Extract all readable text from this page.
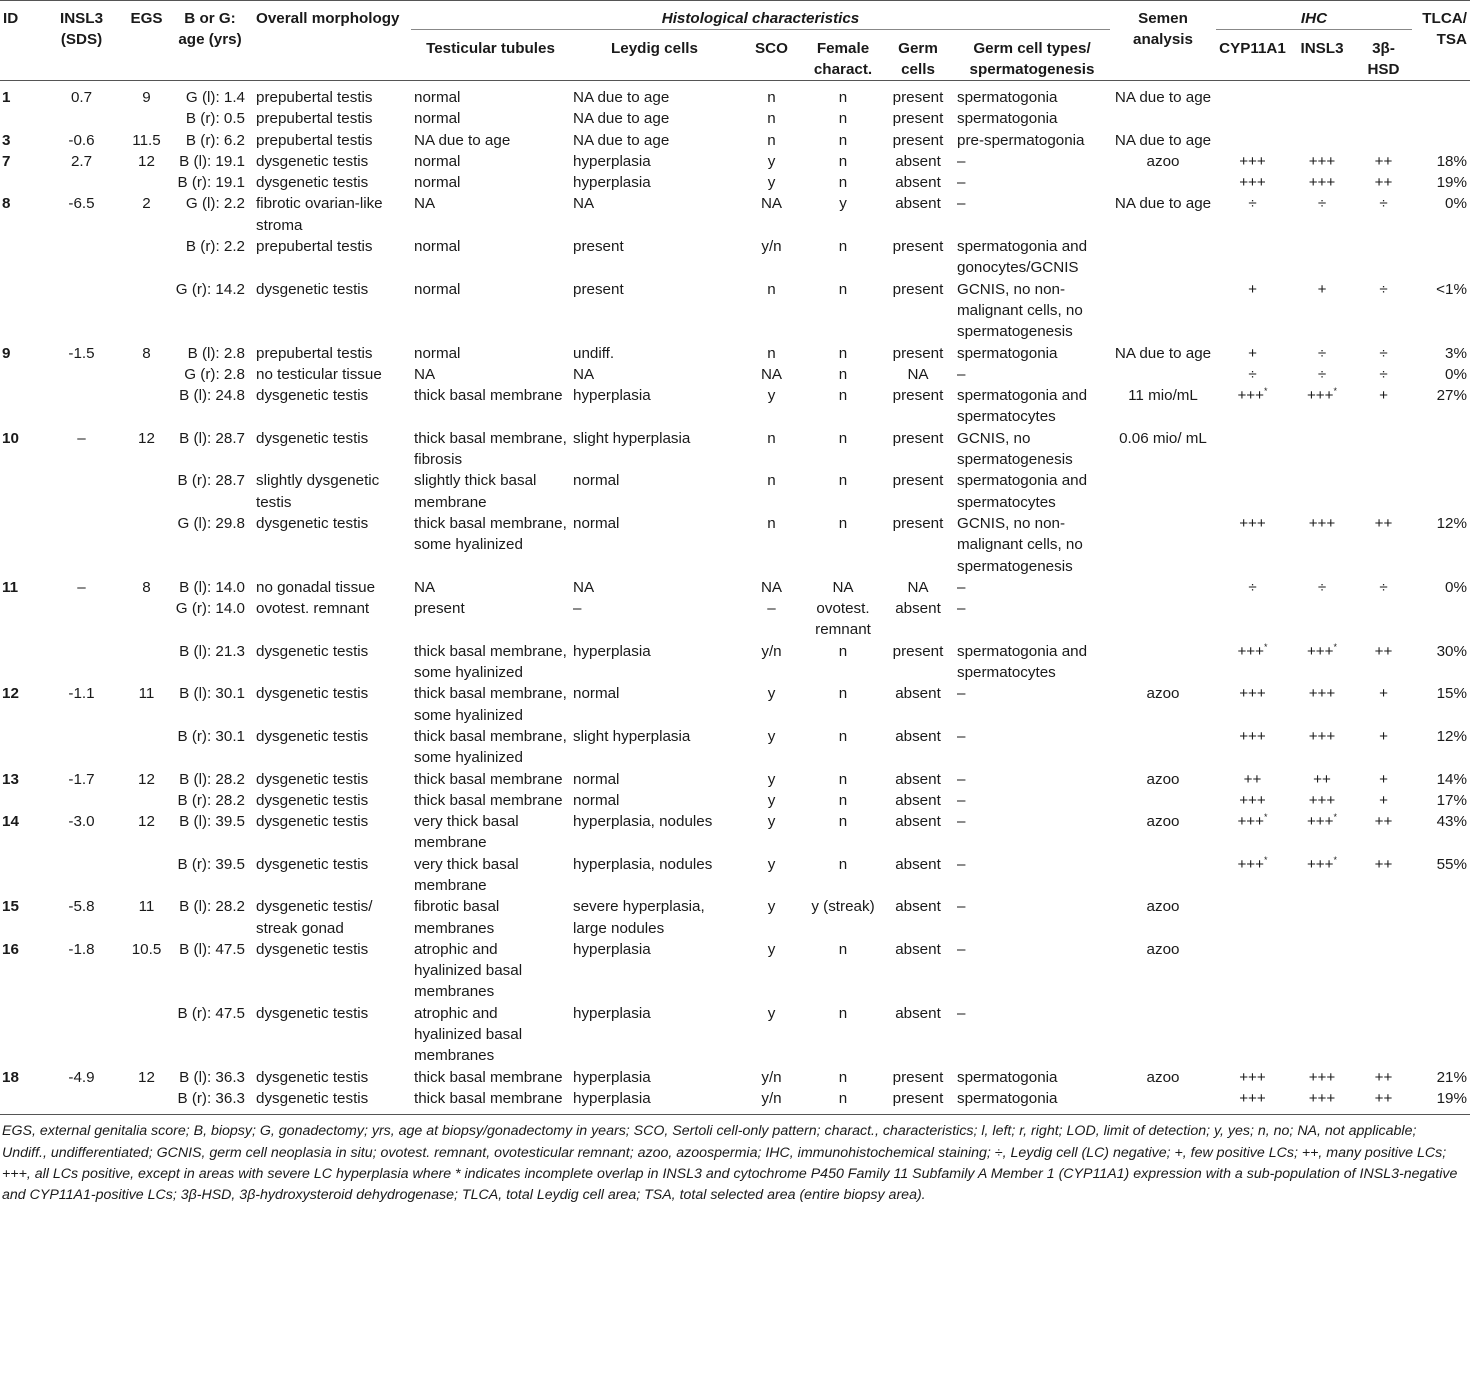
ID	INSL3 (SDS)	EGS	B or G: age (yrs)	Overall morphology	Histological characteristics						Semen analysis	IHC			TLCA/ TSA
					Testicular tubules	Leydig cells	SCO	Female charact.	Germ cells	Germ cell types/ spermatogenesis		CYP11A1	INSL3	3β-HSD	
1	0.7	9	G (l): 1.4	prepubertal testis	normal	NA due to age	n	n	present	spermatogonia	NA due to age				
			B (r): 0.5	prepubertal testis	normal	NA due to age	n	n	present	spermatogonia					
3	-0.6	11.5	B (r): 6.2	prepubertal testis	NA due to age	NA due to age	n	n	present	pre-spermatogonia	NA due to age				
7	2.7	12	B (l): 19.1	dysgenetic testis	normal	hyperplasia	y	n	absent	–	azoo	+++	+++	++	18%
			B (r): 19.1	dysgenetic testis	normal	hyperplasia	y	n	absent	–		+++	+++	++	19%
8	-6.5	2	G (l): 2.2	fibrotic ovarian-like stroma	NA	NA	NA	y	absent	–	NA due to age	÷	÷	÷	0%
			B (r): 2.2	prepubertal testis	normal	present	y/n	n	present	spermatogonia and gonocytes/GCNIS					
			G (r): 14.2	dysgenetic testis	normal	present	n	n	present	GCNIS, no non-malignant cells, no spermatogenesis		+	+	÷	<1%
9	-1.5	8	B (l): 2.8	prepubertal testis	normal	undiff.	n	n	present	spermatogonia	NA due to age	+	÷	÷	3%
			G (r): 2.8	no testicular tissue	NA	NA	NA	n	NA	–		÷	÷	÷	0%
			B (l): 24.8	dysgenetic testis	thick basal membrane	hyperplasia	y	n	present	spermatogonia and spermatocytes	11 mio/mL	+++*	+++*	+	27%
10	–	12	B (l): 28.7	dysgenetic testis	thick basal membrane, fibrosis	slight hyperplasia	n	n	present	GCNIS, no spermatogenesis	0.06 mio/ mL				
			B (r): 28.7	slightly dysgenetic testis	slightly thick basal membrane	normal	n	n	present	spermatogonia and spermatocytes					
			G (l): 29.8	dysgenetic testis	thick basal membrane, some hyalinized	normal	n	n	present	GCNIS, no non-malignant cells, no spermatogenesis		+++	+++	++	12%
11	–	8	B (l): 14.0	no gonadal tissue	NA	NA	NA	NA	NA	–		÷	÷	÷	0%
			G (r): 14.0	ovotest. remnant	present	–	–	ovotest. remnant	absent	–					
			B (l): 21.3	dysgenetic testis	thick basal membrane, some hyalinized	hyperplasia	y/n	n	present	spermatogonia and spermatocytes		+++*	+++*	++	30%
12	-1.1	11	B (l): 30.1	dysgenetic testis	thick basal membrane, some hyalinized	normal	y	n	absent	–	azoo	+++	+++	+	15%
			B (r): 30.1	dysgenetic testis	thick basal membrane, some hyalinized	slight hyperplasia	y	n	absent	–		+++	+++	+	12%
13	-1.7	12	B (l): 28.2	dysgenetic testis	thick basal membrane	normal	y	n	absent	–	azoo	++	++	+	14%
			B (r): 28.2	dysgenetic testis	thick basal membrane	normal	y	n	absent	–		+++	+++	+	17%
14	-3.0	12	B (l): 39.5	dysgenetic testis	very thick basal membrane	hyperplasia, nodules	y	n	absent	–	azoo	+++*	+++*	++	43%
			B (r): 39.5	dysgenetic testis	very thick basal membrane	hyperplasia, nodules	y	n	absent	–		+++*	+++*	++	55%
15	-5.8	11	B (l): 28.2	dysgenetic testis/ streak gonad	fibrotic basal membranes	severe hyperplasia, large nodules	y	y (streak)	absent	–	azoo				
16	-1.8	10.5	B (l): 47.5	dysgenetic testis	atrophic and hyalinized basal membranes	hyperplasia	y	n	absent	–	azoo				
			B (r): 47.5	dysgenetic testis	atrophic and hyalinized basal membranes	hyperplasia	y	n	absent	–					
18	-4.9	12	B (l): 36.3	dysgenetic testis	thick basal membrane	hyperplasia	y/n	n	present	spermatogonia	azoo	+++	+++	++	21%
			B (r): 36.3	dysgenetic testis	thick basal membrane	hyperplasia	y/n	n	present	spermatogonia		+++	+++	++	19%

EGS, external genitalia score; B, biopsy; G, gonadectomy; yrs, age at biopsy/gonadectomy in years; SCO, Sertoli cell-only pattern; charact., characteristics; l, left; r, right; LOD, limit of detection; y, yes; n, no; NA, not applicable; Undiff., undifferentiated; GCNIS, germ cell neoplasia in situ; ovotest. remnant, ovotesticular remnant; azoo, azoospermia; IHC, immunohistochemical staining; ÷, Leydig cell (LC) negative; +, few positive LCs; ++, many positive LCs; +++, all LCs positive, except in areas with severe LC hyperplasia where * indicates incomplete overlap in INSL3 and cytochrome P450 Family 11 Subfamily A Member 1 (CYP11A1) expression with a sub-population of INSL3-negative and CYP11A1-positive LCs; 3β-HSD, 3β-hydroxysteroid dehydrogenase; TLCA, total Leydig cell area; TSA, total selected area (entire biopsy area).
